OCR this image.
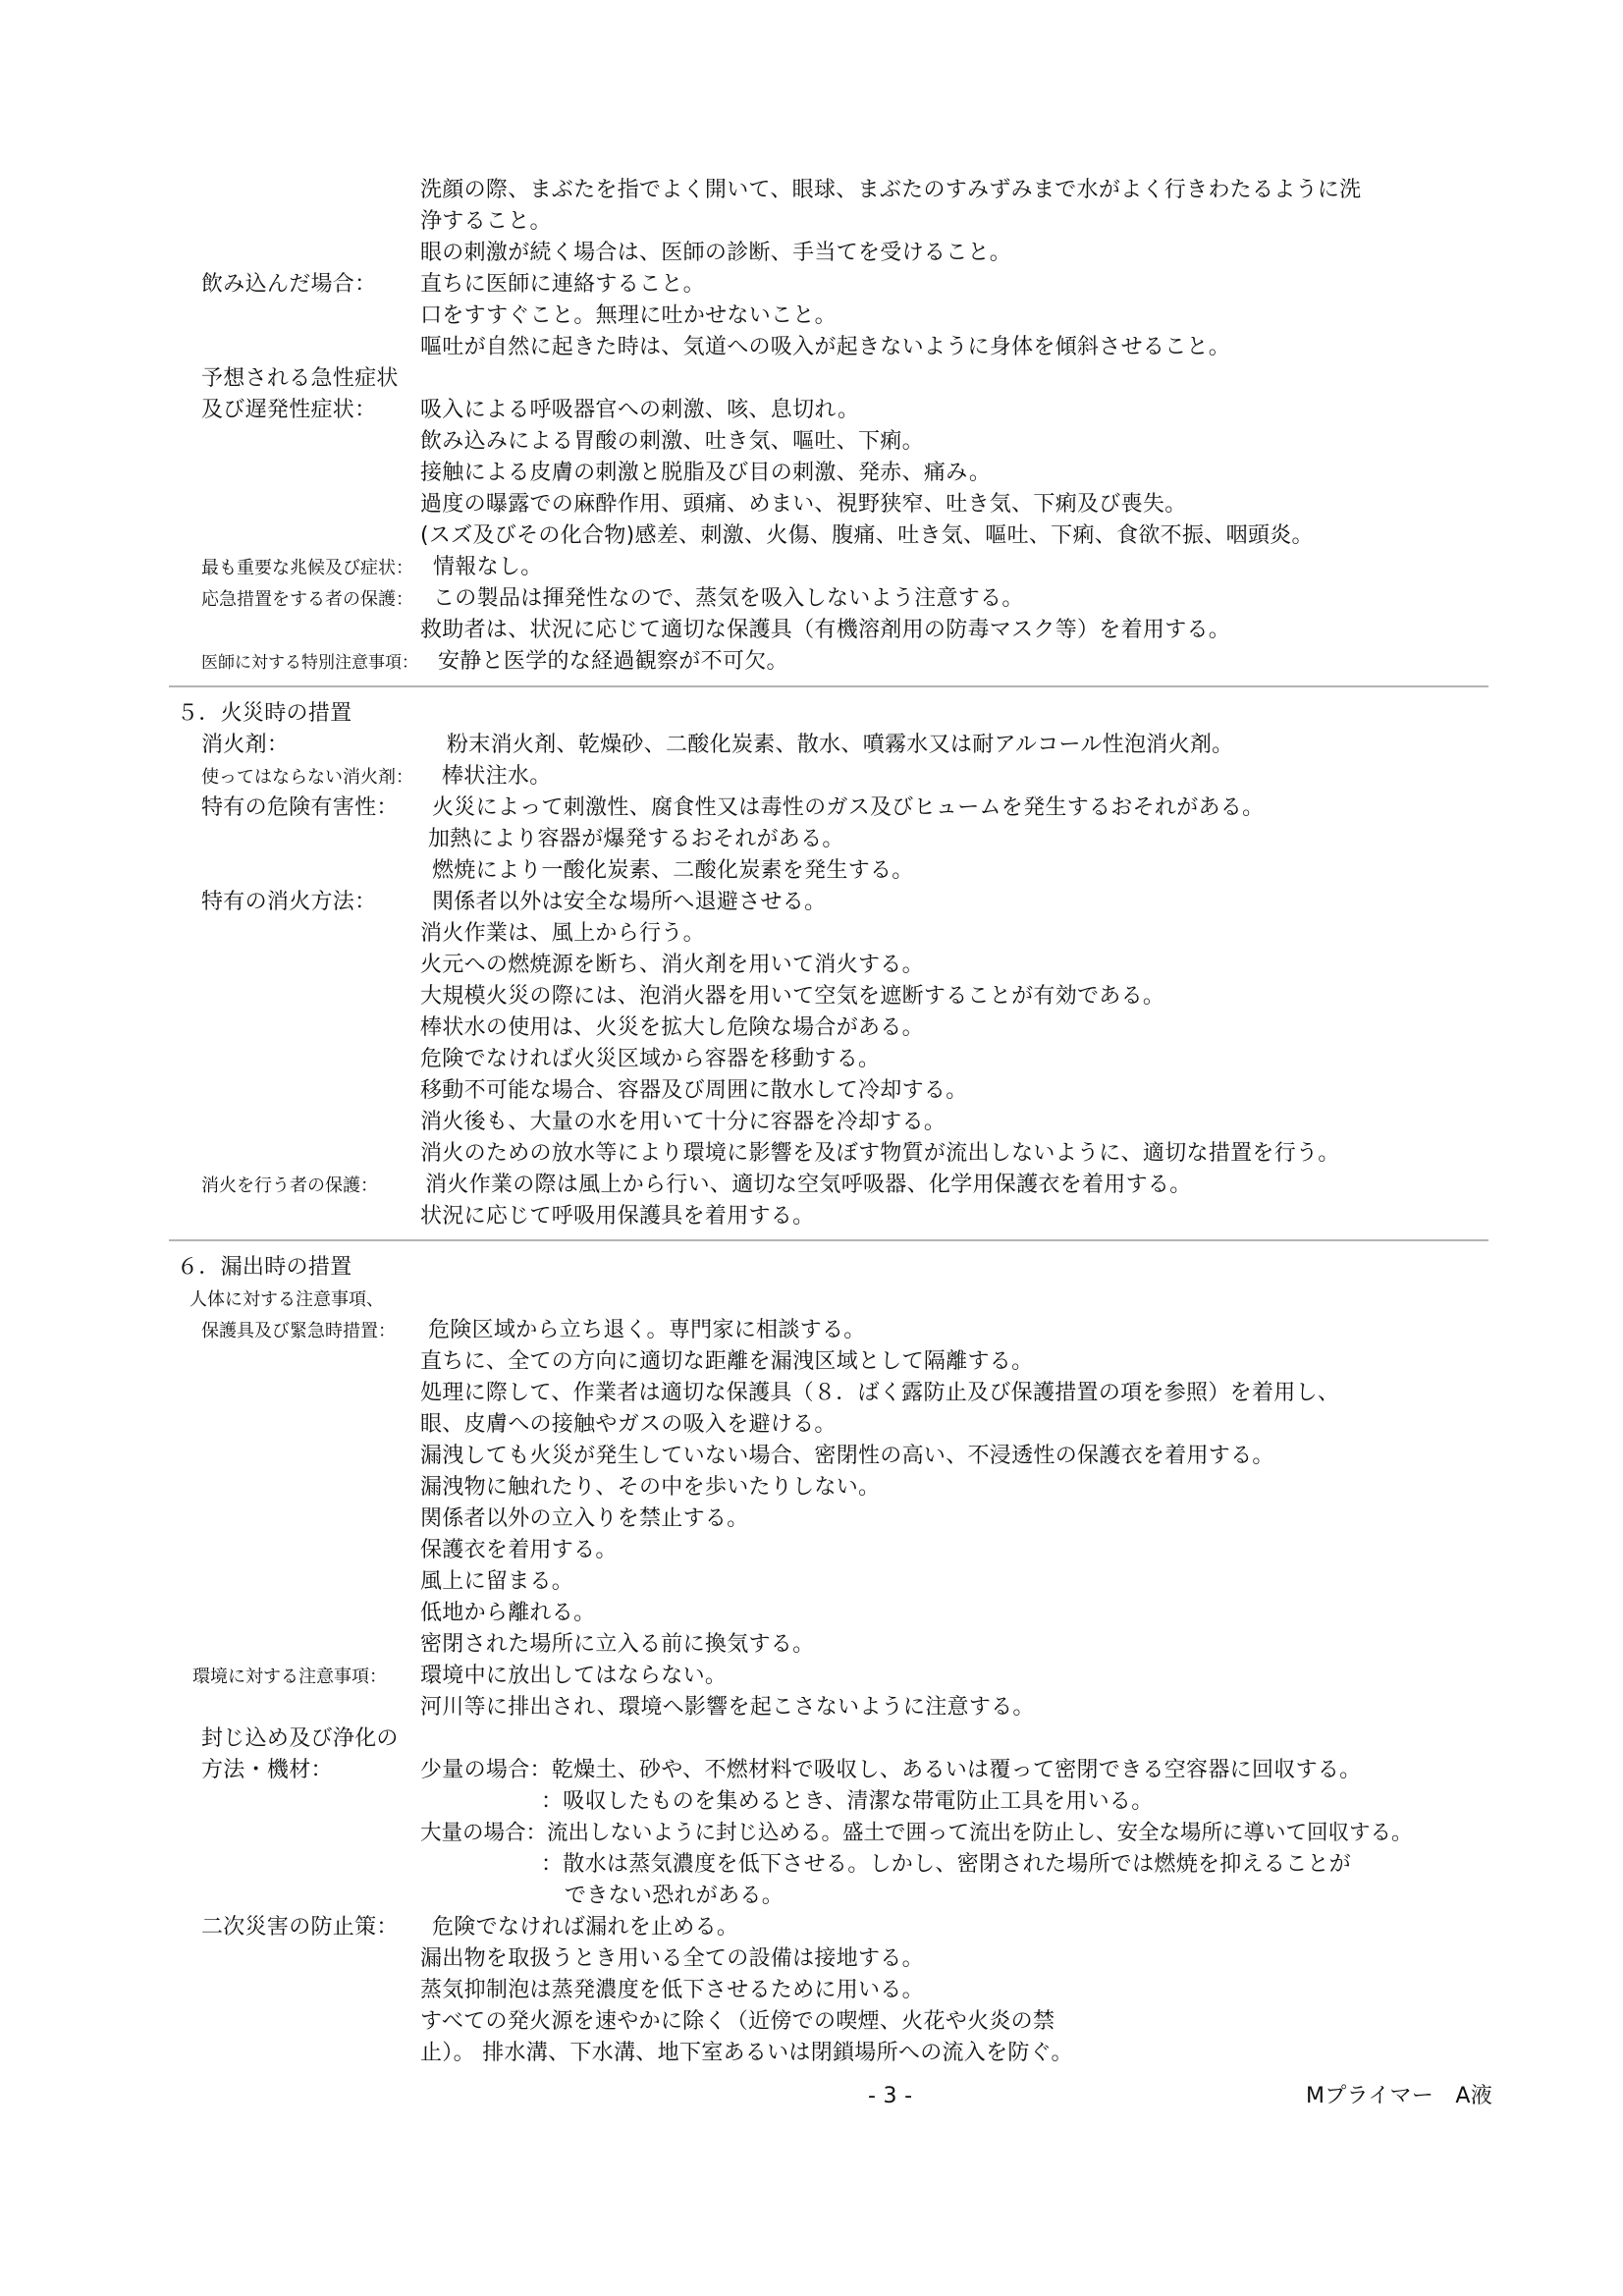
洗顔の際、まぶたを指でよく開いて、眼球、まぶたのすみずみまで水がよく行きわたるように洗
浄すること。
眼の刺激が続く場合は、医師の診断、手当てを受けること。
飲み込んだ場合： 直ちに医師に連絡すること。
口をすすぐこと。無理に吐かせないこと。
嘔吐が自然に起きた時は、気道への吸入が起きないように身体を傾斜させること。
予想される急性症状
及び遅発性症状： 吸入による呼吸器官への刺激、咳、息切れ。
飲み込みによる胃酸の刺激、吐き気、嘔吐、下痢。
接触による皮膚の刺激と脱脂及び目の刺激、発赤、痛み。
過度の曝露での麻酔作用、頭痛、めまい、視野狭窄、吐き気、下痢及び喪失。
(スズ及びその化合物)感差、刺激、火傷、腹痛、吐き気、嘔吐、下痢、食欲不振、咽頭炎。
最も重要な兆候及び症状： 情報なし。
応急措置をする者の保護： この製品は揮発性なので、蒸気を吸入しないよう注意する。
救助者は、状況に応じて適切な保護具（有機溶剤用の防毒マスク等）を着用する。
医師に対する特別注意事項： 安静と医学的な経過観察が不可欠。
５．火災時の措置
消火剤：	粉末消火剤、乾燥砂、二酸化炭素、散水、噴霧水又は耐アルコール性泡消火剤。
使ってはならない消火剤： 棒状注水。
特有の危険有害性： 火災によって刺激性、腐食性又は毒性のガス及びヒュームを発生するおそれがある。
加熱により容器が爆発するおそれがある。
燃焼により一酸化炭素、二酸化炭素を発生する。
特有の消火方法：	関係者以外は安全な場所へ退避させる。
消火作業は、風上から行う。
火元への燃焼源を断ち、消火剤を用いて消火する。
大規模火災の際には、泡消火器を用いて空気を遮断することが有効である。
棒状水の使用は、火災を拡大し危険な場合がある。
危険でなければ火災区域から容器を移動する。
移動不可能な場合、容器及び周囲に散水して冷却する。
消火後も、大量の水を用いて十分に容器を冷却する。
消火のための放水等により環境に影響を及ぼす物質が流出しないように、適切な措置を行う。
消火を行う者の保護： 消火作業の際は風上から行い、適切な空気呼吸器、化学用保護衣を着用する。
状況に応じて呼吸用保護具を着用する。
６．漏出時の措置
人体に対する注意事項、
保護具及び緊急時措置： 危険区域から立ち退く。専門家に相談する。
直ちに、全ての方向に適切な距離を漏洩区域として隔離する。
処理に際して、作業者は適切な保護具（８．ばく露防止及び保護措置の項を参照）を着用し、
眼、皮膚への接触やガスの吸入を避ける。
漏洩しても火災が発生していない場合、密閉性の高い、不浸透性の保護衣を着用する。
漏洩物に触れたり、その中を歩いたりしない。
関係者以外の立入りを禁止する。
保護衣を着用する。
風上に留まる。
低地から離れる。
密閉された場所に立入る前に換気する。
環境に対する注意事項： 環境中に放出してはならない。
河川等に排出され、環境へ影響を起こさないように注意する。
封じ込め及び浄化の
方法・機材：	少量の場合：乾燥土、砂や、不燃材料で吸収し、あるいは覆って密閉できる空容器に回収する。
：吸収したものを集めるとき、清潔な帯電防止工具を用いる。
大量の場合：流出しないように封じ込める。盛土で囲って流出を防止し、安全な場所に導いて回収する。
：散水は蒸気濃度を低下させる。しかし、密閉された場所では燃焼を抑えることが
できない恐れがある。
二次災害の防止策： 危険でなければ漏れを止める。
漏出物を取扱うとき用いる全ての設備は接地する。
蒸気抑制泡は蒸発濃度を低下させるために用いる。
すべての発火源を速やかに除く（近傍での喫煙、火花や火炎の禁
止）。 排水溝、下水溝、地下室あるいは閉鎖場所への流入を防ぐ。
- 3 -	Mプライマー　A液
